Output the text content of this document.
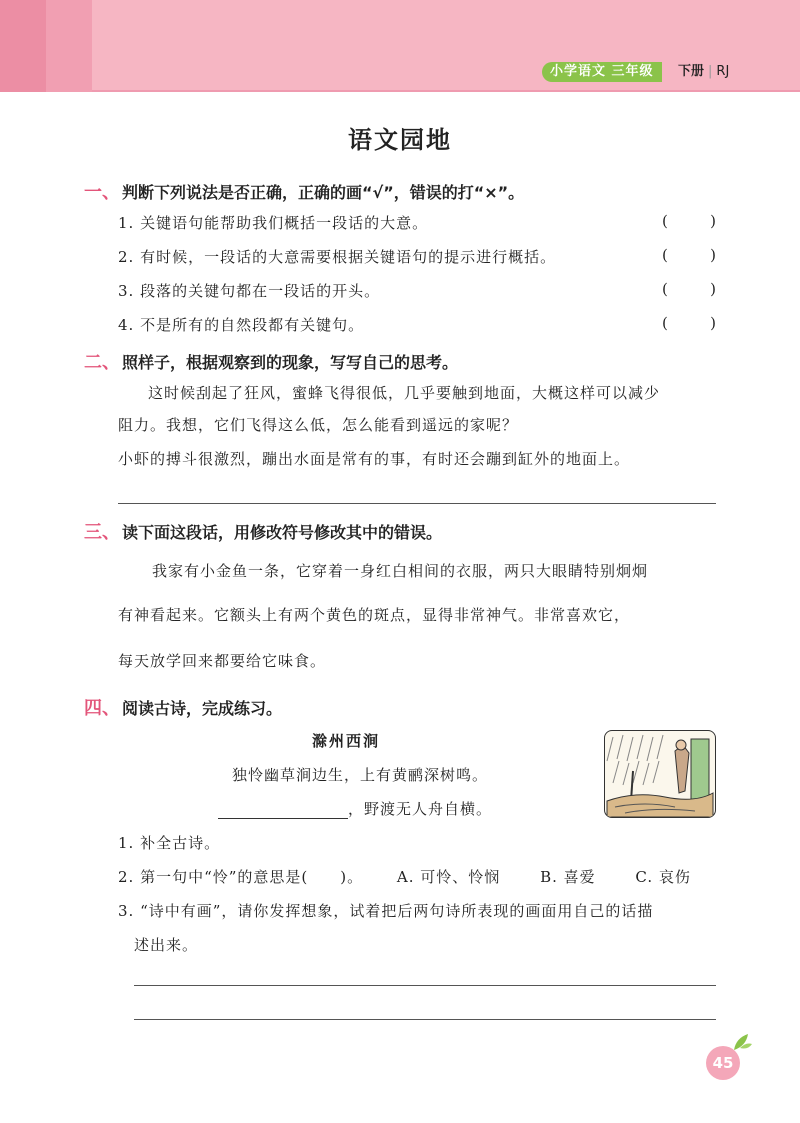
小学语文 三年级	下册 | RJ
语文园地
一、 判断下列说法是否正确，正确的画“√”，错误的打“×”。
1. 关键语句能帮助我们概括一段话的大意。	(	)
2. 有时候，一段话的大意需要根据关键语句的提示进行概括。	(	)
3. 段落的关键句都在一段话的开头。	(	)
4. 不是所有的自然段都有关键句。	(	)
二、 照样子，根据观察到的现象，写写自己的思考。
这时候刮起了狂风，蜜蜂飞得很低，几乎要触到地面，大概这样可以减少
阻力。我想，它们飞得这么低，怎么能看到遥远的家呢？
小虾的搏斗很激烈，蹦出水面是常有的事，有时还会蹦到缸外的地面上。
三、 读下面这段话，用修改符号修改其中的错误。
我家有小金鱼一条，它穿着一身红白相间的衣服，两只大眼睛特别炯炯
有神看起来。它额头上有两个黄色的斑点，显得非常神气。非常喜欢它，
每天放学回来都要给它味食。
四、 阅读古诗，完成练习。
滁州西涧
独怜幽草涧边生，上有黄鹂深树鸣。
，野渡无人舟自横。
1. 补全古诗。
2. 第一句中“怜”的意思是(　　)。 A. 可怜、怜悯	B. 喜爱	C. 哀伤
3. “诗中有画”，请你发挥想象，试着把后两句诗所表现的画面用自己的话描
述出来。
45
